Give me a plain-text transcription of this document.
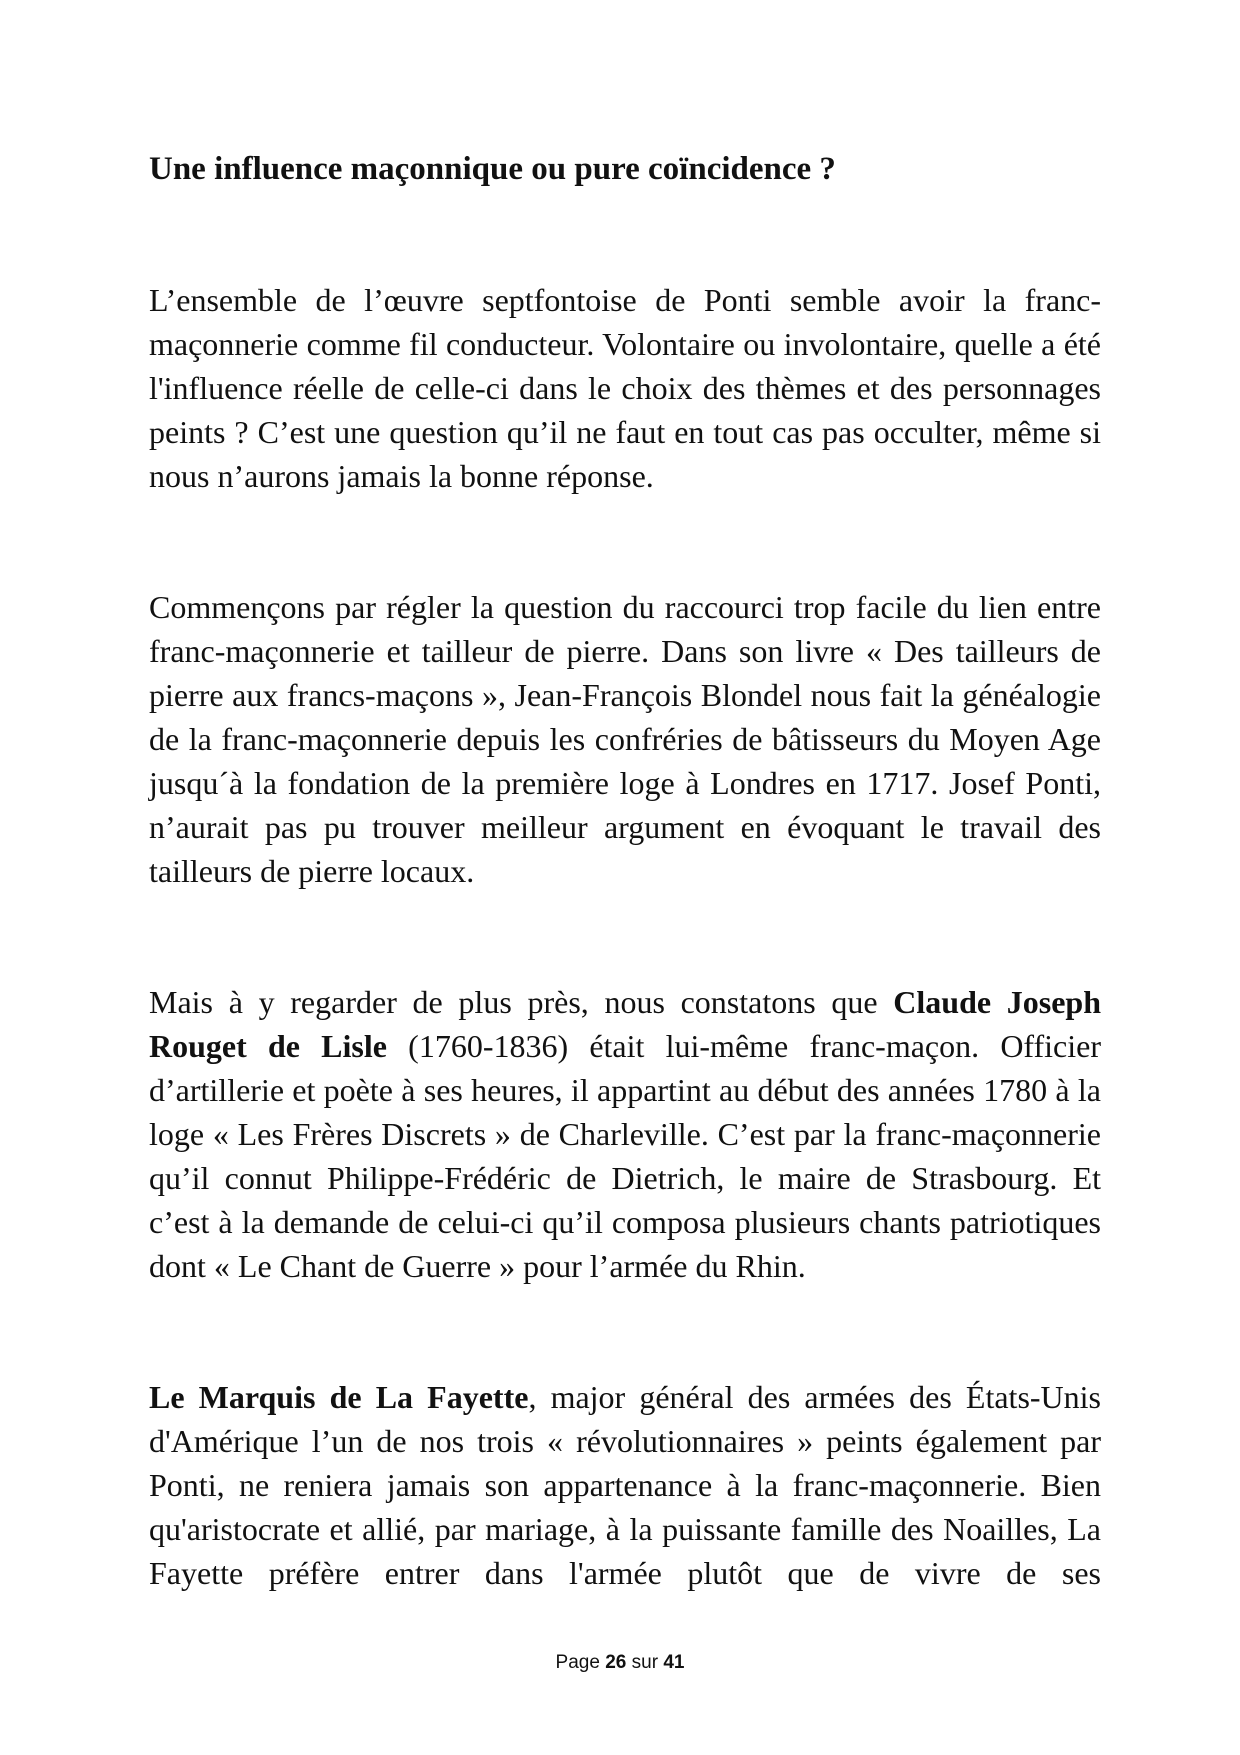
Une influence maçonnique ou pure coïncidence ?

L’ensemble de l’œuvre septfontoise de Ponti semble avoir la franc-maçonnerie comme fil conducteur. Volontaire ou involontaire, quelle a été l'influence réelle de celle-ci dans le choix des thèmes et des personnages peints ? C’est une question qu’il ne faut en tout cas pas occulter, même si nous n’aurons jamais la bonne réponse.

Commençons par régler la question du raccourci trop facile du lien entre franc-maçonnerie et tailleur de pierre. Dans son livre « Des tailleurs de pierre aux francs-maçons », Jean-François Blondel nous fait la généalogie de la franc-maçonnerie depuis les confréries de bâtisseurs du Moyen Age jusqu´à la fondation de la première loge à Londres en 1717. Josef Ponti, n’aurait pas pu trouver meilleur argument en évoquant le travail des tailleurs de pierre locaux.

Mais à y regarder de plus près, nous constatons que Claude Joseph Rouget de Lisle (1760-1836) était lui-même franc-maçon. Officier d’artillerie et poète à ses heures, il appartint au début des années 1780 à la loge « Les Frères Discrets » de Charleville. C’est par la franc-maçonnerie qu’il connut Philippe-Frédéric de Dietrich, le maire de Strasbourg. Et c’est à la demande de celui-ci qu’il composa plusieurs chants patriotiques dont « Le Chant de Guerre » pour l’armée du Rhin.

Le Marquis de La Fayette, major général des armées des États-Unis d'Amérique l’un de nos trois « révolutionnaires » peints également par Ponti, ne reniera jamais son appartenance à la franc-maçonnerie. Bien qu'aristocrate et allié, par mariage, à la puissante famille des Noailles, La Fayette préfère entrer dans l'armée plutôt que de vivre de ses

Page 26 sur 41
